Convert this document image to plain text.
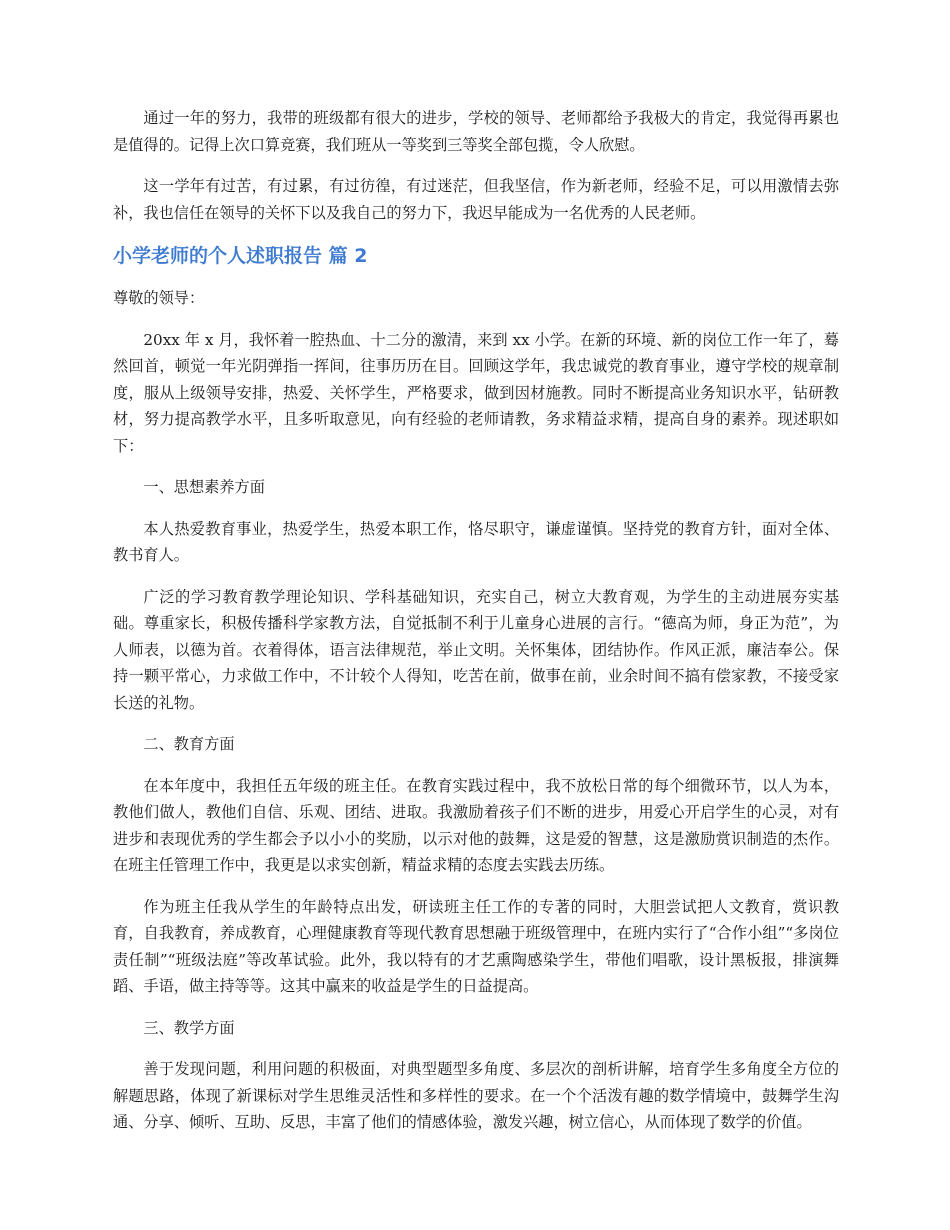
通过一年的努力，我带的班级都有很大的进步，学校的领导、老师都给予我极大的肯定，我觉得再累也是值得的。记得上次口算竞赛，我们班从一等奖到三等奖全部包揽，令人欣慰。

这一学年有过苦，有过累，有过彷徨，有过迷茫，但我坚信，作为新老师，经验不足，可以用激情去弥补，我也信任在领导的关怀下以及我自己的努力下，我迟早能成为一名优秀的人民老师。

小学老师的个人述职报告 篇 2

尊敬的领导：

20xx 年 x 月，我怀着一腔热血、十二分的激清，来到 xx 小学。在新的环境、新的岗位工作一年了，蓦然回首，顿觉一年光阴弹指一挥间，往事历历在目。回顾这学年，我忠诚党的教育事业，遵守学校的规章制度，服从上级领导安排，热爱、关怀学生，严格要求，做到因材施教。同时不断提高业务知识水平，钻研教材，努力提高教学水平，且多听取意见，向有经验的老师请教，务求精益求精，提高自身的素养。现述职如下：

一、思想素养方面

本人热爱教育事业，热爱学生，热爱本职工作，恪尽职守，谦虚谨慎。坚持党的教育方针，面对全体、教书育人。

广泛的学习教育教学理论知识、学科基础知识，充实自己，树立大教育观，为学生的主动进展夯实基础。尊重家长，积极传播科学家教方法，自觉抵制不利于儿童身心进展的言行。“德高为师，身正为范”，为人师表，以德为首。衣着得体，语言法律规范，举止文明。关怀集体，团结协作。作风正派，廉洁奉公。保持一颗平常心，力求做工作中，不计较个人得知，吃苦在前，做事在前，业余时间不搞有偿家教，不接受家长送的礼物。

二、教育方面

在本年度中，我担任五年级的班主任。在教育实践过程中，我不放松日常的每个细微环节，以人为本，教他们做人，教他们自信、乐观、团结、进取。我激励着孩子们不断的进步，用爱心开启学生的心灵，对有进步和表现优秀的学生都会予以小小的奖励，以示对他的鼓舞，这是爱的智慧，这是激励赏识制造的杰作。在班主任管理工作中，我更是以求实创新，精益求精的态度去实践去历练。

作为班主任我从学生的年龄特点出发，研读班主任工作的专著的同时，大胆尝试把人文教育，赏识教育，自我教育，养成教育，心理健康教育等现代教育思想融于班级管理中，在班内实行了“合作小组”“多岗位责任制”“班级法庭”等改革试验。此外，我以特有的才艺熏陶感染学生，带他们唱歌，设计黑板报，排演舞蹈、手语，做主持等等。这其中赢来的收益是学生的日益提高。

三、教学方面

善于发现问题，利用问题的积极面，对典型题型多角度、多层次的剖析讲解，培育学生多角度全方位的解题思路，体现了新课标对学生思维灵活性和多样性的要求。在一个个活泼有趣的数学情境中，鼓舞学生沟通、分享、倾听、互助、反思，丰富了他们的情感体验，激发兴趣，树立信心，从而体现了数学的价值。
